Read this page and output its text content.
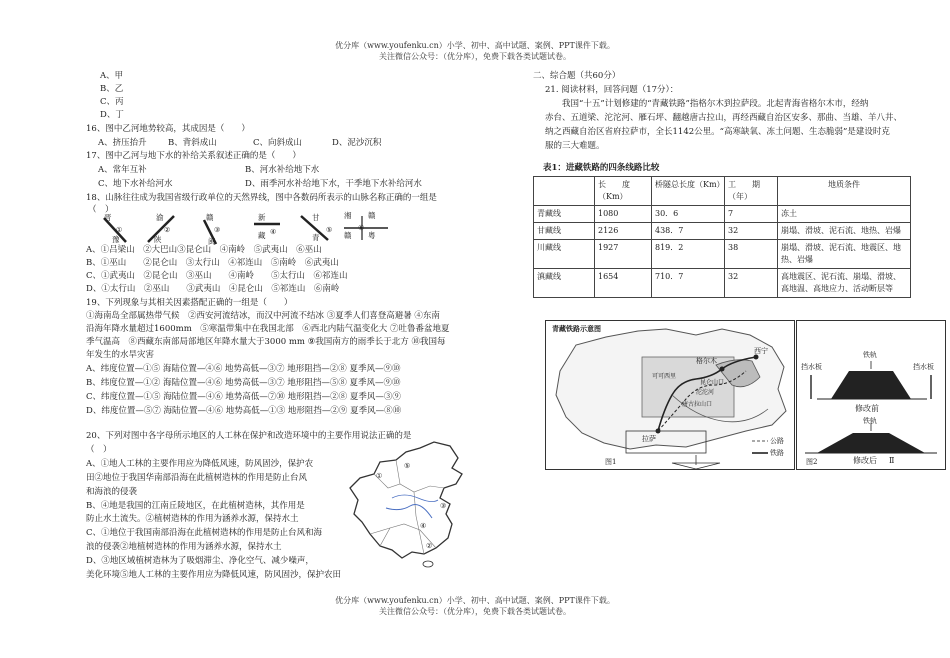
优分库（www.youfenku.cn）小学、初中、高中试题、案例、PPT课件下载。
关注微信公众号：（优分库），免费下载各类试题试卷。
A、甲
B、乙
C、丙
D、丁
16、图中乙河地势较高，其成因是（　　）
A、挤压抬升	B、背斜成山	C、向斜成山	D、泥沙沉积
17、图中乙河与地下水的补给关系叙述正确的是（　　）
A、常年互补	B、河水补给地下水
C、地下水补给河水	D、雨季河水补给地下水，干季地下水补给河水
18、山脉往往成为我国省级行政单位的天然界线，图中各数码所表示的山脉名称正确的一组是
（　）
晋
豫
①
渝
陕
②
赣
闽
③
新
藏 ④
甘
青
⑤
湘 赣
赣 粤
⑥
A、①吕梁山　②大巴山③昆仑山　④南岭　⑤武夷山　⑥巫山
B、①巫山　　②昆仑山　③太行山　④祁连山　⑤南岭　⑥武夷山
C、①武夷山　②昆仑山　③巫山　　④南岭　　⑤太行山　⑥祁连山
D、①太行山　②巫山　　③武夷山　④昆仑山　⑤祁连山　⑥南岭
19、下列现象与其相关因素搭配正确的一组是（　　）
①海南岛全部属热带气候　②西安河流结冰，而汉中河流不结冰 ③夏季人们喜登高避暑 ④东南
沿海年降水量超过1600mm　⑤寒温带集中在我国北部　⑥西北内陆气温变化大 ⑦吐鲁番盆地夏
季气温高　⑧西藏东南部局部地区年降水量大于3000 mm ⑨我国南方的雨季长于北方 ⑩我国每
年发生的水旱灾害
A、纬度位置—①⑤ 海陆位置—④⑥ 地势高低—③⑦ 地形阻挡—②⑧ 夏季风—⑨⑩
B、纬度位置—①② 海陆位置—④⑥ 地势高低—③⑦ 地形阻挡—⑤⑧ 夏季风—⑨⑩
C、纬度位置—①⑤ 海陆位置—④⑥ 地势高低—⑦⑩ 地形阻挡—②⑧ 夏季风—③⑨
D、纬度位置—⑤⑦ 海陆位置—④⑥ 地势高低—①③ 地形阻挡—②⑨ 夏季风—⑧⑩
20、下列对图中各字母所示地区的人工林在保护和改造环境中的主要作用说法正确的是
（　）
A、①地人工林的主要作用应为降低风速，防风固沙，保护农
田②地位于我国华南部沿海在此植树造林的作用是防止台风
和海浪的侵袭
B、④地是我国的江南丘陵地区，在此植树造林，其作用是
防止水土流失。②植树造林的作用为涵养水源，保持水土
C、①地位于我国南部沿海在此植树造林的作用是防止台风和海
浪的侵袭②地植树造林的作用为涵养水源，保持水土
D、③地区域植树造林为了吸烟滞尘、净化空气、减少噪声，
美化环境⑤地人工林的主要作用应为降低风速，防风固沙，保护农田
①
②
③
④
⑤
二、综合题（共60分）
21. 阅读材料，回答问题（17分）：
我国“十五”计划修建的“青藏铁路”指格尔木到拉萨段。北起青海省格尔木市，经纳
赤台、五道梁、沱沱河、雁石坪、翻越唐古拉山，再经西藏自治区安多、那曲、当雄、羊八井、
纳之西藏自治区省府拉萨市，全长1142公里。“高寒缺氧、冻土问题、生态脆弱”是建设时克
服的三大难题。
表1：进藏铁路的四条线路比较
	长　　度（Km）	桥隧总长度（Km）	工　　期（年）	地质条件
青藏线	1080	30．6	7	冻土
甘藏线	2126	438．7	32	崩塌、滑坡、泥石流、地热、岩爆
川藏线	1927	819．2	38	崩塌、滑坡、泥石流、地震区、地热、岩爆
滇藏线	1654	710．7	32	高地震区、泥石流、崩塌、滑坡、高地温、高地应力、活动断层等
青藏铁路示意图
格尔木
西宁
拉萨
昆仑山口
唐古拉山口
可可西里
沱沱河
公路
铁路
图1
铁轨
挡水板	挡水板
修改前
铁轨
修改后 Ⅱ
图2
优分库（www.youfenku.cn）小学、初中、高中试题、案例、PPT课件下载。
关注微信公众号：（优分库），免费下载各类试题试卷。
